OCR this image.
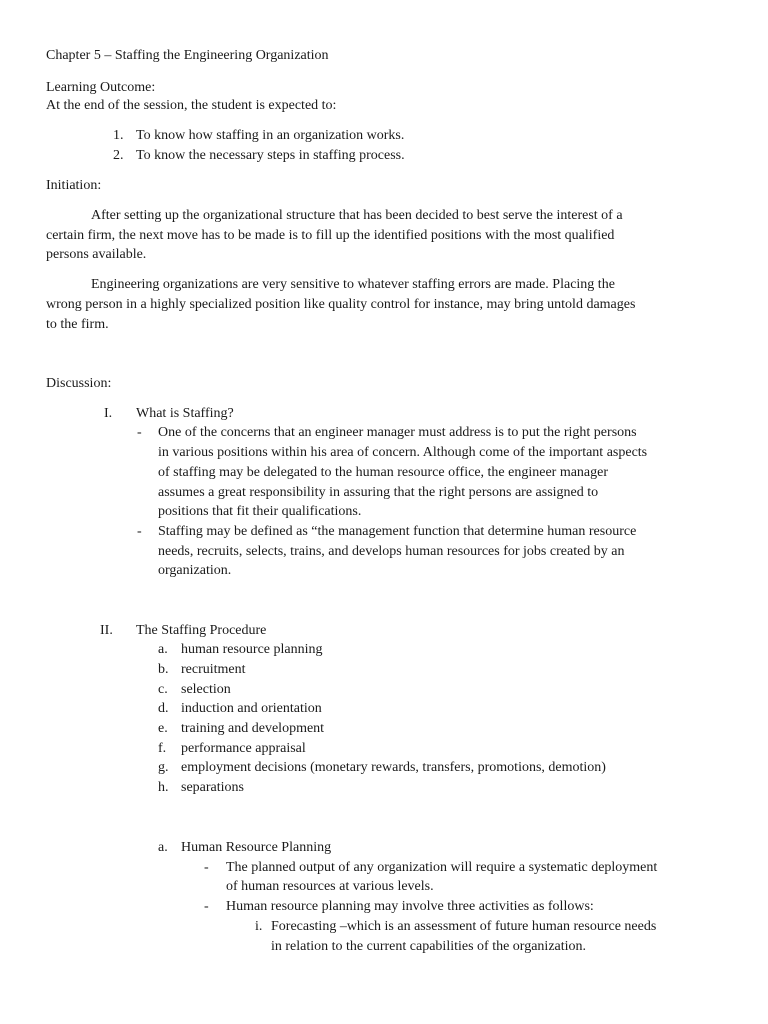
Chapter 5 – Staffing the Engineering Organization
Learning Outcome:
At the end of the session, the student is expected to:
1. To know how staffing in an organization works.
2. To know the necessary steps in staffing process.
Initiation:
After setting up the organizational structure that has been decided to best serve the interest of a
certain firm, the next move has to be made is to fill up the identified positions with the most qualified
persons available.
Engineering organizations are very sensitive to whatever staffing errors are made. Placing the
wrong person in a highly specialized position like quality control for instance, may bring untold damages
to the firm.
Discussion:
I. What is Staffing?
- One of the concerns that an engineer manager must address is to put the right persons
in various positions within his area of concern. Although come of the important aspects
of staffing may be delegated to the human resource office, the engineer manager
assumes a great responsibility in assuring that the right persons are assigned to
positions that fit their qualifications.
- Staffing may be defined as “the management function that determine human resource
needs, recruits, selects, trains, and develops human resources for jobs created by an
organization.
II. The Staffing Procedure
a. human resource planning
b. recruitment
c. selection
d. induction and orientation
e. training and development
f. performance appraisal
g. employment decisions (monetary rewards, transfers, promotions, demotion)
h. separations
a. Human Resource Planning
- The planned output of any organization will require a systematic deployment
of human resources at various levels.
- Human resource planning may involve three activities as follows:
i. Forecasting –which is an assessment of future human resource needs
in relation to the current capabilities of the organization.
